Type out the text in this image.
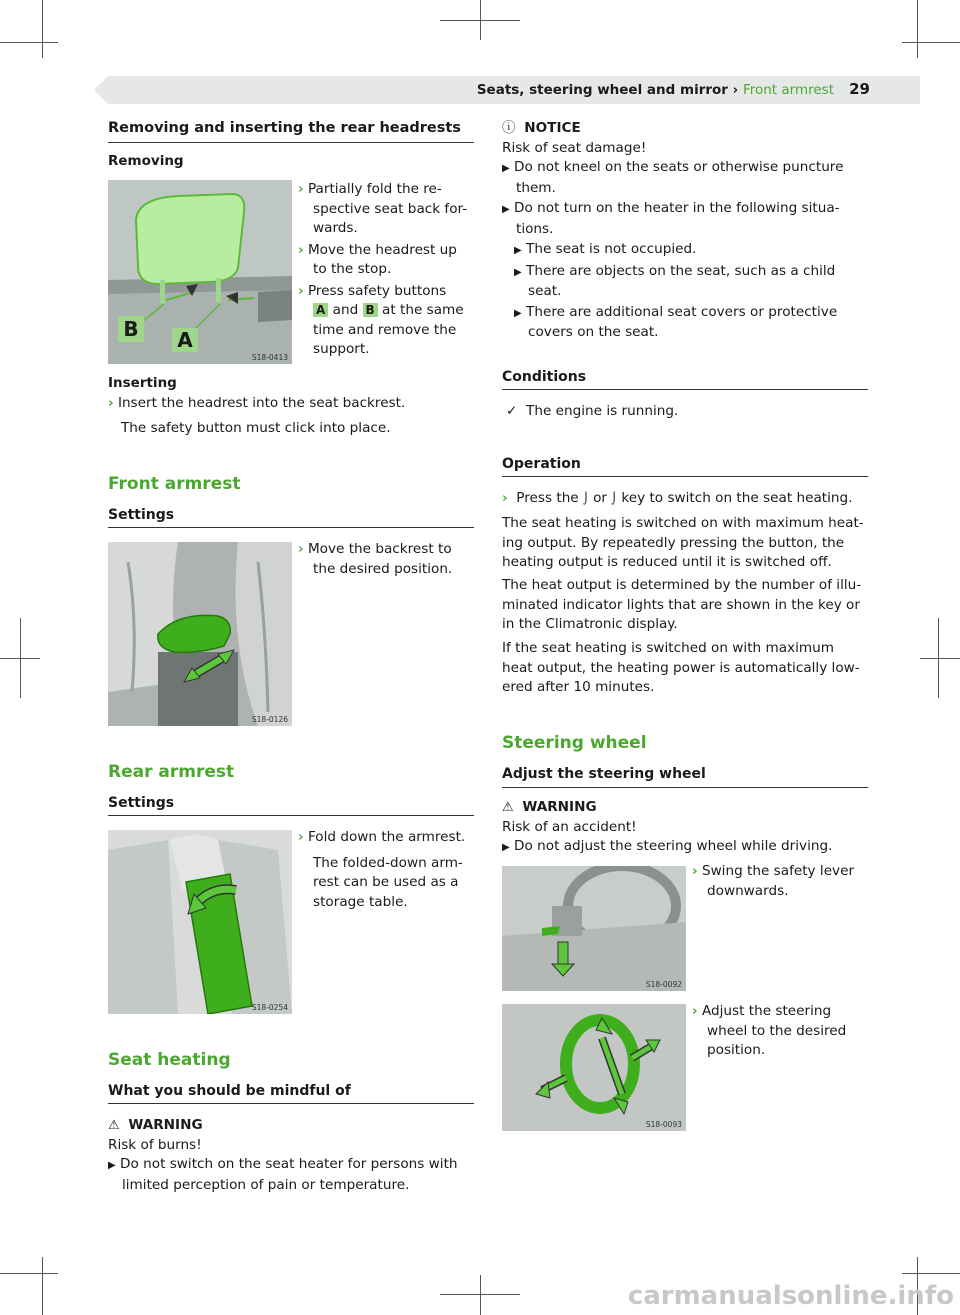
Seats, steering wheel and mirror › Front armrest 29
Removing and inserting the rear headrests
Removing
B A
S18-0413
› Partially fold the re-
spective seat back for-
wards.
› Move the headrest up
to the stop.
› Press safety buttons
A and B at the same
time and remove the
support.
Inserting
› Insert the headrest into the seat backrest.
The safety button must click into place.
Front armrest
Settings
S18-0126
› Move the backrest to
the desired position.
Rear armrest
Settings
S18-0254
› Fold down the armrest.
The folded-down arm-
rest can be used as a
storage table.
Seat heating
What you should be mindful of
⚠ WARNING
Risk of burns!
▶ Do not switch on the seat heater for persons with
limited perception of pain or temperature.
ⓘ NOTICE
Risk of seat damage!
▶ Do not kneel on the seats or otherwise puncture
them.
▶ Do not turn on the heater in the following situa-
tions.
▶ The seat is not occupied.
▶ There are objects on the seat, such as a child
seat.
▶ There are additional seat covers or protective
covers on the seat.
Conditions
✓ The engine is running.
Operation
› Press the ⌡ or ⌡ key to switch on the seat heating.
The seat heating is switched on with maximum heat-
ing output. By repeatedly pressing the button, the
heating output is reduced until it is switched off.
The heat output is determined by the number of illu-
minated indicator lights that are shown in the key or
in the Climatronic display.
If the seat heating is switched on with maximum
heat output, the heating power is automatically low-
ered after 10 minutes.
Steering wheel
Adjust the steering wheel
⚠ WARNING
Risk of an accident!
▶ Do not adjust the steering wheel while driving.
S18-0092
› Swing the safety lever
downwards.
S18-0093
› Adjust the steering
wheel to the desired
position.
carmanualsonline.info
